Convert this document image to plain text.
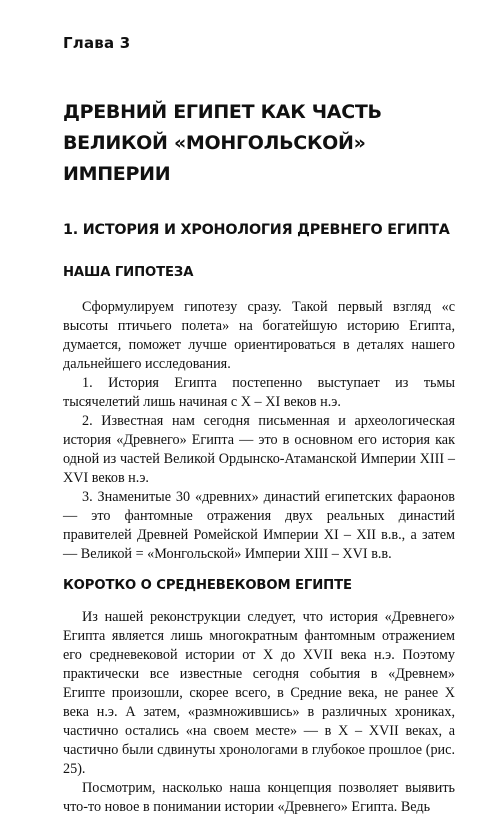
Глава 3
ДРЕВНИЙ ЕГИПЕТ КАК ЧАСТЬ ВЕЛИКОЙ «МОНГОЛЬСКОЙ» ИМПЕРИИ
1. ИСТОРИЯ И ХРОНОЛОГИЯ ДРЕВНЕГО ЕГИПТА
НАША ГИПОТЕЗА

Сформулируем гипотезу сразу. Такой первый взгляд «с высоты птичьего полета» на богатейшую историю Египта, думается, поможет лучше ориентироваться в деталях нашего дальнейшего исследования.

1. История Египта постепенно выступает из тьмы тысячелетий лишь начиная с X – XI веков н.э.

2. Известная нам сегодня письменная и археологическая история «Древнего» Египта — это в основном его история как одной из частей Великой Ордынско-Атаманской Империи XIII – XVI веков н.э.

3. Знаменитые 30 «древних» династий египетских фараонов — это фантомные отражения двух реальных династий правителей Древней Ромейской Империи XI – XII в.в., а затем — Великой = «Монгольской» Империи XIII – XVI в.в.

КОРОТКО О СРЕДНЕВЕКОВОМ ЕГИПТЕ

Из нашей реконструкции следует, что история «Древнего» Египта является лишь многократным фантомным отражением его средневековой истории от X до XVII века н.э. Поэтому практически все известные сегодня события в «Древнем» Египте произошли, скорее всего, в Средние века, не ранее X века н.э. А затем, «размножившись» в различных хрониках, частично остались «на своем месте» — в X – XVII веках, а частично были сдвинуты хронологами в глубокое прошлое (рис. 25).

Посмотрим, насколько наша концепция позволяет выявить что-то новое в понимании истории «Древнего» Египта. Ведь
